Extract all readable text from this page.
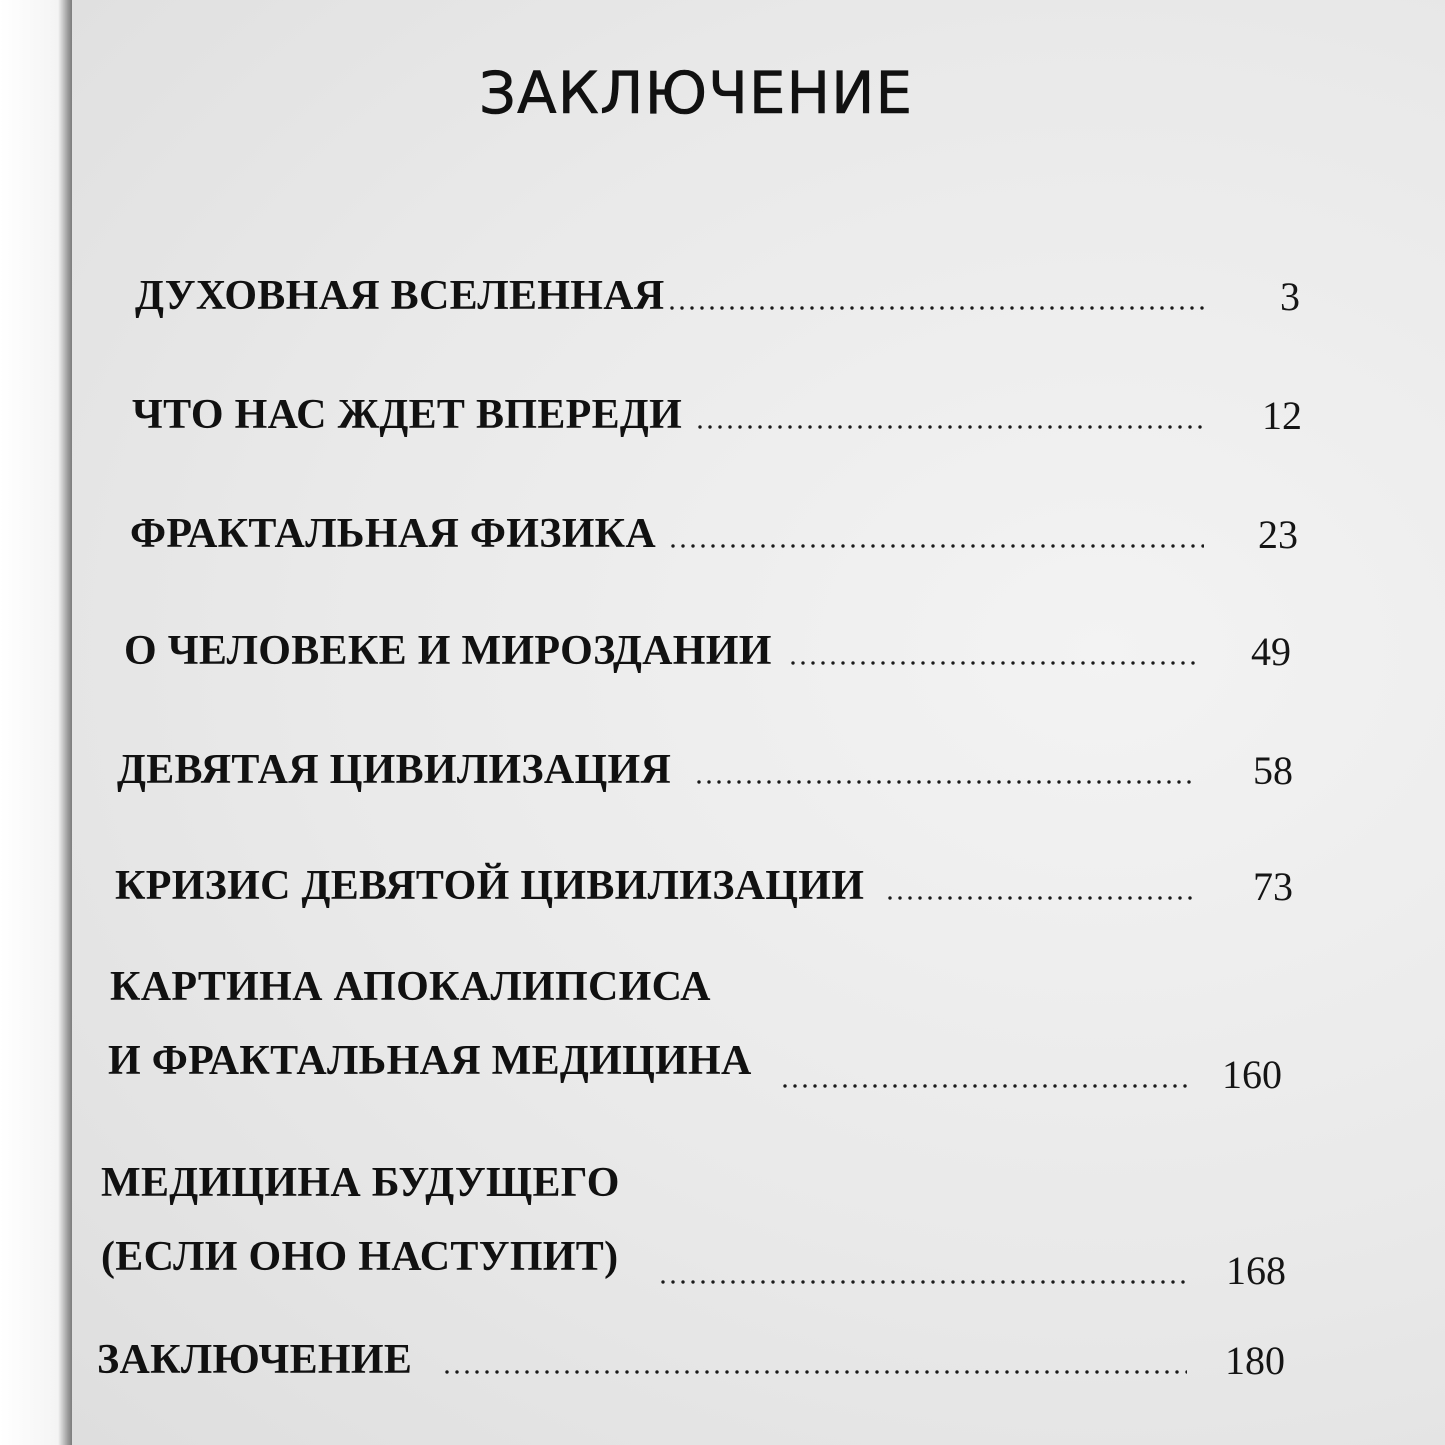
ЗАКЛЮЧЕНИЕ
ДУХОВНАЯ ВСЕЛЕННАЯ	3
ЧТО НАС ЖДЕТ ВПЕРЕДИ	12
ФРАКТАЛЬНАЯ ФИЗИКА	23
О ЧЕЛОВЕКЕ И МИРОЗДАНИИ	49
ДЕВЯТАЯ ЦИВИЛИЗАЦИЯ	58
КРИЗИС ДЕВЯТОЙ ЦИВИЛИЗАЦИИ	73
КАРТИНА АПОКАЛИПСИСА
И ФРАКТАЛЬНАЯ МЕДИЦИНА	160
МЕДИЦИНА БУДУЩЕГО
(ЕСЛИ ОНО НАСТУПИТ)	168
ЗАКЛЮЧЕНИЕ	180
